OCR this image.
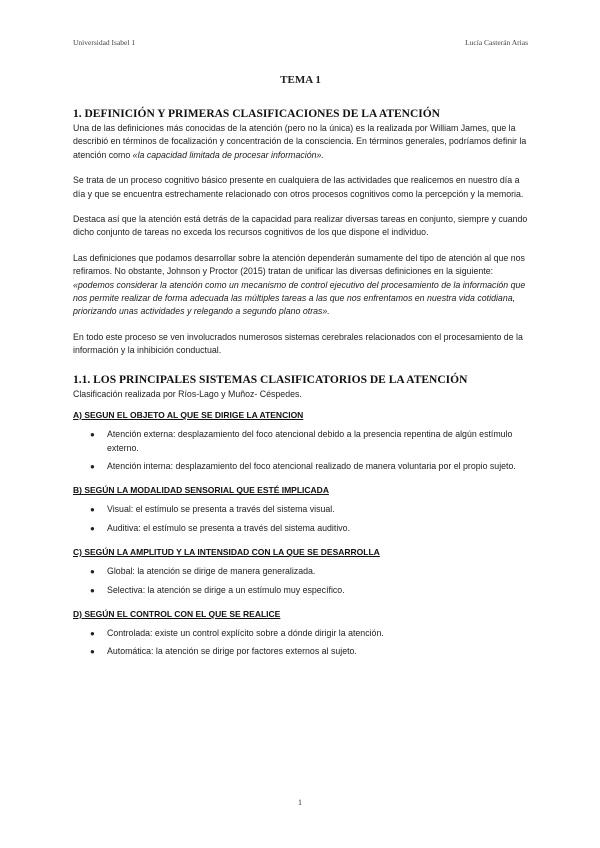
Universidad Isabel 1	Lucía Casterán Arias
TEMA 1
1. DEFINICIÓN Y PRIMERAS CLASIFICACIONES DE LA ATENCIÓN

Una de las definiciones más conocidas de la atención (pero no la única) es la realizada por William James, que la describió en términos de focalización y concentración de la consciencia. En términos generales, podríamos definir la atención como «la capacidad limitada de procesar información».

Se trata de un proceso cognitivo básico presente en cualquiera de las actividades que realicemos en nuestro día a día y que se encuentra estrechamente relacionado con otros procesos cognitivos como la percepción y la memoria.

Destaca así que la atención está detrás de la capacidad para realizar diversas tareas en conjunto, siempre y cuando dicho conjunto de tareas no exceda los recursos cognitivos de los que dispone el individuo.

Las definiciones que podamos desarrollar sobre la atención dependerán sumamente del tipo de atención al que nos refiramos. No obstante, Johnson y Proctor (2015) tratan de unificar las diversas definiciones en la siguiente: «podemos considerar la atención como un mecanismo de control ejecutivo del procesamiento de la información que nos permite realizar de forma adecuada las múltiples tareas a las que nos enfrentamos en nuestra vida cotidiana, priorizando unas actividades y relegando a segundo plano otras».

En todo este proceso se ven involucrados numerosos sistemas cerebrales relacionados con el procesamiento de la información y la inhibición conductual.

1.1. LOS PRINCIPALES SISTEMAS CLASIFICATORIOS DE LA ATENCIÓN

Clasificación realizada por Ríos-Lago y Muñoz- Céspedes.

A) SEGUN EL OBJETO AL QUE SE DIRIGE LA ATENCION
● Atención externa: desplazamiento del foco atencional debido a la presencia repentina de algún estímulo externo.
● Atención interna: desplazamiento del foco atencional realizado de manera voluntaria por el propio sujeto.
B) SEGÚN LA MODALIDAD SENSORIAL QUE ESTÉ IMPLICADA
● Visual: el estímulo se presenta a través del sistema visual.
● Auditiva: el estímulo se presenta a través del sistema auditivo.
C) SEGÚN LA AMPLITUD Y LA INTENSIDAD CON LA QUE SE DESARROLLA
● Global: la atención se dirige de manera generalizada.
● Selectiva: la atención se dirige a un estímulo muy específico.
D) SEGÚN EL CONTROL CON EL QUE SE REALICE
● Controlada: existe un control explícito sobre a dónde dirigir la atención.
● Automática: la atención se dirige por factores externos al sujeto.
1
